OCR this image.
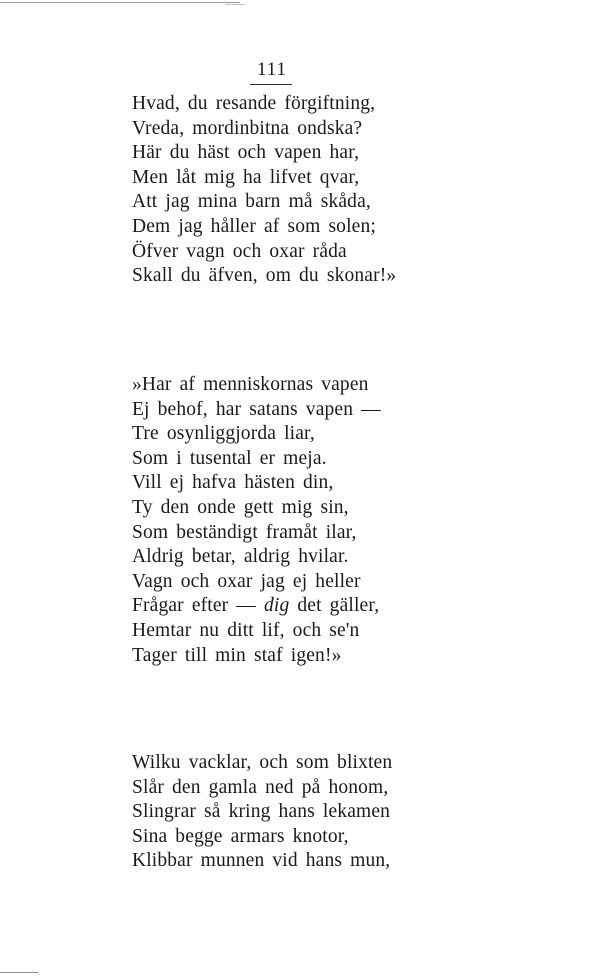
111
Hvad, du resande förgiftning,
Vreda, mordinbitna ondska?
Här du häst och vapen har,
Men låt mig ha lifvet qvar,
Att jag mina barn må skåda,
Dem jag håller af som solen;
Öfver vagn och oxar råda
Skall du äfven, om du skonar!»
»Har af menniskornas vapen
Ej behof, har satans vapen —
Tre osynliggjorda liar,
Som i tusental er meja.
Vill ej hafva hästen din,
Ty den onde gett mig sin,
Som beständigt framåt ilar,
Aldrig betar, aldrig hvilar.
Vagn och oxar jag ej heller
Frågar efter — dig det gäller,
Hemtar nu ditt lif, och se'n
Tager till min staf igen!»
Wilku vacklar, och som blixten
Slår den gamla ned på honom,
Slingrar så kring hans lekamen
Sina begge armars knotor,
Klibbar munnen vid hans mun,
